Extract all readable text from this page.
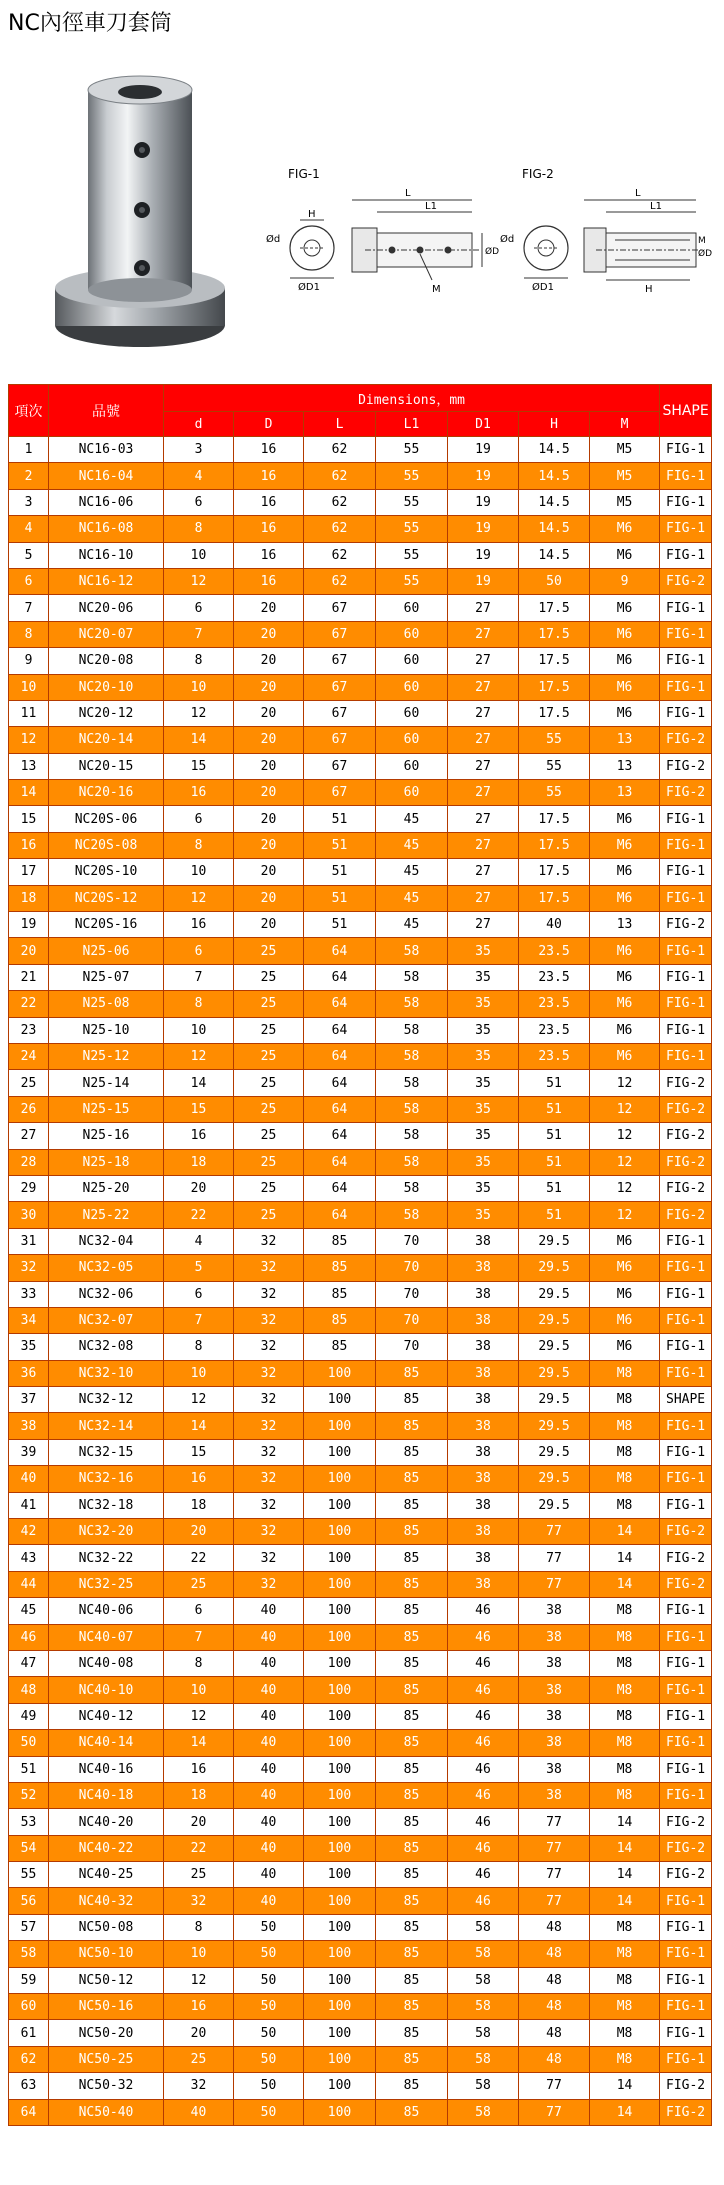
NC內徑車刀套筒
FIG-1
ØD1
Ød
H
L
L1
ØD
M
FIG-2
ØD1
Ød
L
L1
H
M
ØD
項次	品號	Dimensions，mm							SHAPE
		d	D	L	L1	D1	H	M	
1	NC16-03	3	16	62	55	19	14.5	M5	FIG-1
2	NC16-04	4	16	62	55	19	14.5	M5	FIG-1
3	NC16-06	6	16	62	55	19	14.5	M5	FIG-1
4	NC16-08	8	16	62	55	19	14.5	M6	FIG-1
5	NC16-10	10	16	62	55	19	14.5	M6	FIG-1
6	NC16-12	12	16	62	55	19	50	9	FIG-2
7	NC20-06	6	20	67	60	27	17.5	M6	FIG-1
8	NC20-07	7	20	67	60	27	17.5	M6	FIG-1
9	NC20-08	8	20	67	60	27	17.5	M6	FIG-1
10	NC20-10	10	20	67	60	27	17.5	M6	FIG-1
11	NC20-12	12	20	67	60	27	17.5	M6	FIG-1
12	NC20-14	14	20	67	60	27	55	13	FIG-2
13	NC20-15	15	20	67	60	27	55	13	FIG-2
14	NC20-16	16	20	67	60	27	55	13	FIG-2
15	NC20S-06	6	20	51	45	27	17.5	M6	FIG-1
16	NC20S-08	8	20	51	45	27	17.5	M6	FIG-1
17	NC20S-10	10	20	51	45	27	17.5	M6	FIG-1
18	NC20S-12	12	20	51	45	27	17.5	M6	FIG-1
19	NC20S-16	16	20	51	45	27	40	13	FIG-2
20	N25-06	6	25	64	58	35	23.5	M6	FIG-1
21	N25-07	7	25	64	58	35	23.5	M6	FIG-1
22	N25-08	8	25	64	58	35	23.5	M6	FIG-1
23	N25-10	10	25	64	58	35	23.5	M6	FIG-1
24	N25-12	12	25	64	58	35	23.5	M6	FIG-1
25	N25-14	14	25	64	58	35	51	12	FIG-2
26	N25-15	15	25	64	58	35	51	12	FIG-2
27	N25-16	16	25	64	58	35	51	12	FIG-2
28	N25-18	18	25	64	58	35	51	12	FIG-2
29	N25-20	20	25	64	58	35	51	12	FIG-2
30	N25-22	22	25	64	58	35	51	12	FIG-2
31	NC32-04	4	32	85	70	38	29.5	M6	FIG-1
32	NC32-05	5	32	85	70	38	29.5	M6	FIG-1
33	NC32-06	6	32	85	70	38	29.5	M6	FIG-1
34	NC32-07	7	32	85	70	38	29.5	M6	FIG-1
35	NC32-08	8	32	85	70	38	29.5	M6	FIG-1
36	NC32-10	10	32	100	85	38	29.5	M8	FIG-1
37	NC32-12	12	32	100	85	38	29.5	M8	SHAPE
38	NC32-14	14	32	100	85	38	29.5	M8	FIG-1
39	NC32-15	15	32	100	85	38	29.5	M8	FIG-1
40	NC32-16	16	32	100	85	38	29.5	M8	FIG-1
41	NC32-18	18	32	100	85	38	29.5	M8	FIG-1
42	NC32-20	20	32	100	85	38	77	14	FIG-2
43	NC32-22	22	32	100	85	38	77	14	FIG-2
44	NC32-25	25	32	100	85	38	77	14	FIG-2
45	NC40-06	6	40	100	85	46	38	M8	FIG-1
46	NC40-07	7	40	100	85	46	38	M8	FIG-1
47	NC40-08	8	40	100	85	46	38	M8	FIG-1
48	NC40-10	10	40	100	85	46	38	M8	FIG-1
49	NC40-12	12	40	100	85	46	38	M8	FIG-1
50	NC40-14	14	40	100	85	46	38	M8	FIG-1
51	NC40-16	16	40	100	85	46	38	M8	FIG-1
52	NC40-18	18	40	100	85	46	38	M8	FIG-1
53	NC40-20	20	40	100	85	46	77	14	FIG-2
54	NC40-22	22	40	100	85	46	77	14	FIG-2
55	NC40-25	25	40	100	85	46	77	14	FIG-2
56	NC40-32	32	40	100	85	46	77	14	FIG-1
57	NC50-08	8	50	100	85	58	48	M8	FIG-1
58	NC50-10	10	50	100	85	58	48	M8	FIG-1
59	NC50-12	12	50	100	85	58	48	M8	FIG-1
60	NC50-16	16	50	100	85	58	48	M8	FIG-1
61	NC50-20	20	50	100	85	58	48	M8	FIG-1
62	NC50-25	25	50	100	85	58	48	M8	FIG-1
63	NC50-32	32	50	100	85	58	77	14	FIG-2
64	NC50-40	40	50	100	85	58	77	14	FIG-2
